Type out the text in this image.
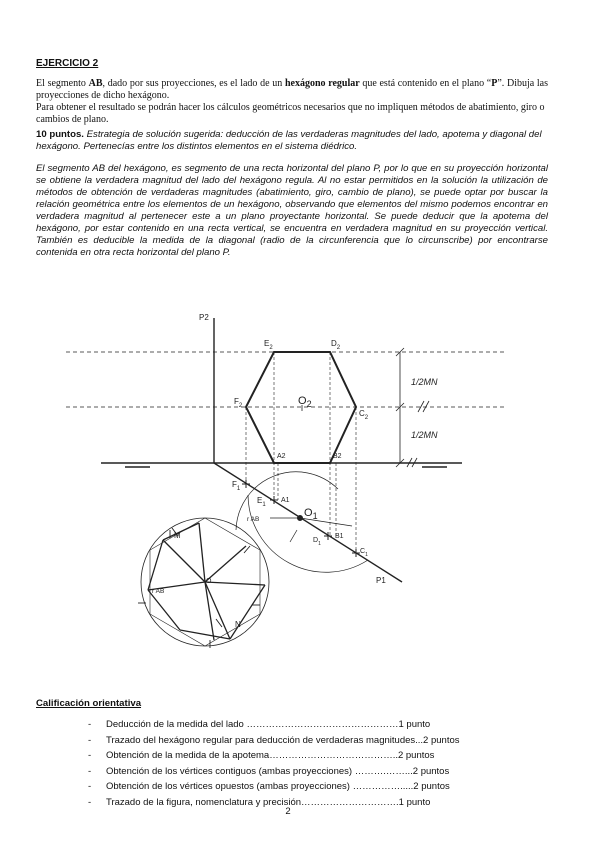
EJERCICIO 2
El segmento AB, dado por sus proyecciones, es el lado de un hexágono regular que está contenido en el plano “P”. Dibuja las proyecciones de dicho hexágono.
Para obtener el resultado se podrán hacer los cálculos geométricos necesarios que no impliquen métodos de abatimiento, giro o cambios de plano.
10 puntos. Estrategia de solución sugerida: deducción de las verdaderas magnitudes del lado, apotema y diagonal del hexágono. Pertenecías entre los distintos elementos en el sistema diédrico.
El segmento AB del hexágono, es segmento de una recta horizontal del plano P, por lo que en su proyección horizontal se obtiene la verdadera magnitud del lado del hexágono regula. Al no estar permitidos en la solución la utilización de métodos de obtención de verdaderas magnitudes (abatimiento, giro, cambio de plano), se puede optar por buscar la relación geométrica entre los elementos de un hexágono, observando que elementos del mismo podemos encontrar en verdadera magnitud al pertenecer este a un plano proyectante horizontal. Se puede deducir que la apotema del hexágono, por estar contenido en una recta vertical, se encuentra en verdadera magnitud en su proyección vertical. También es deducible la medida de la diagonal (radio de la circunferencia que lo circunscribe) por encontrarse contenida en otra recta horizontal del plano P.
P2
P1
$E_2$	$D_2$
$F_2$
$C_2$
$O_2$
A2	B2
$F_1$
$E_1$
A1
$O_1$
$D_1$
B1
$C_1$
r AB
M
N
O
r AB
1/2MN
1/2MN
Calificación orientativa
- Deducción de la medida del lado …………………………………………1 punto
- Trazado del hexágono regular para deducción de verdaderas magnitudes...2 puntos
- Obtención de la medida de la apotema…………………………………..2 puntos
- Obtención de los vértices contiguos (ambas proyecciones) ……….……...2 puntos
- Obtención de los vértices opuestos (ambas proyecciones) …………….....2 puntos
- Trazado de la figura, nomenclatura y precisión………………………….1 punto
2
